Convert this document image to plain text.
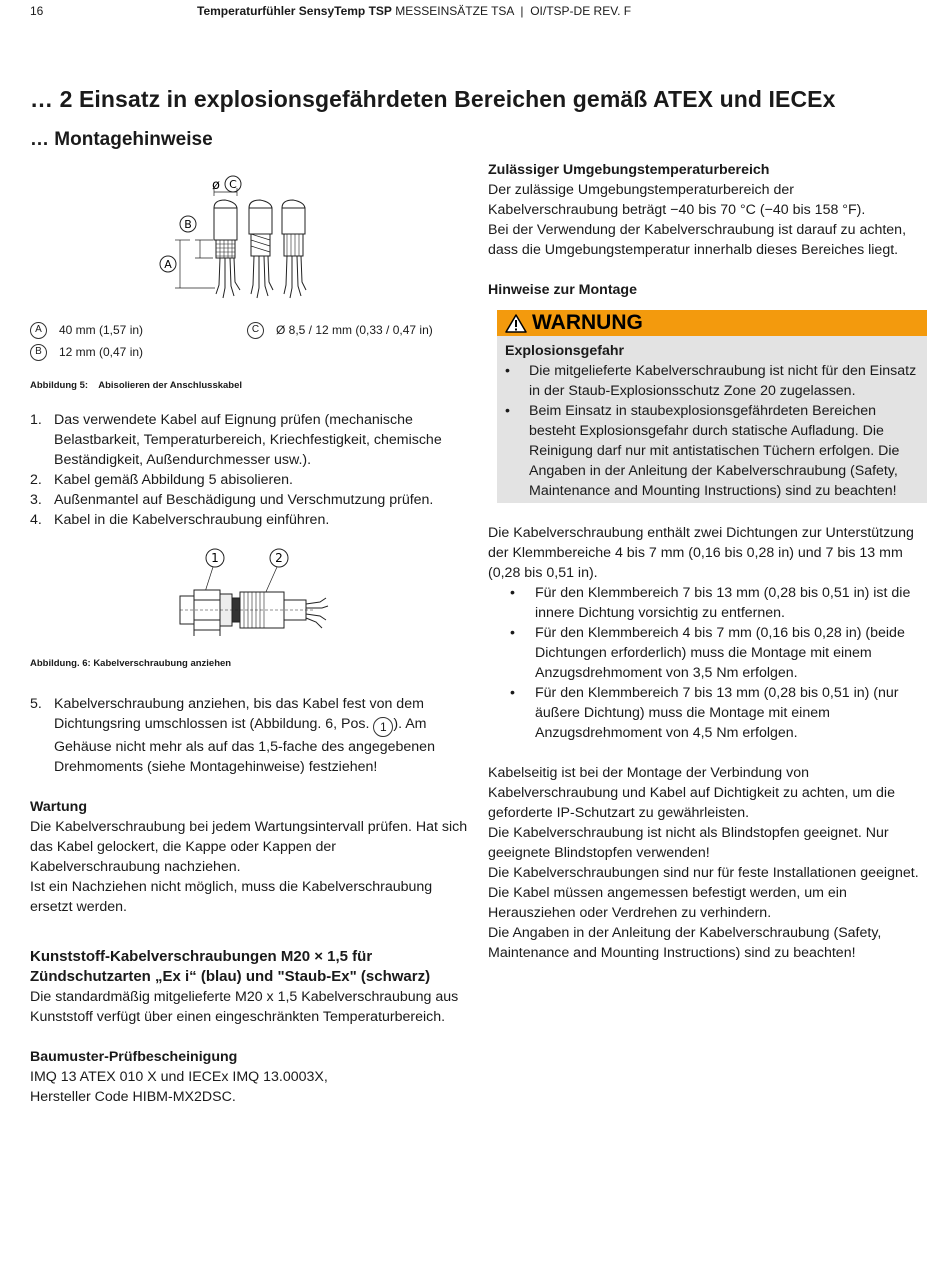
16	Temperaturfühler SensyTemp TSP MESSEINSÄTZE TSA  |  OI/TSP-DE REV. F
… 2 Einsatz in explosionsgefährdeten Bereichen gemäß ATEX und IECEx
… Montagehinweise
ø C
B
A
A	40 mm (1,57 in)	C	Ø 8,5 / 12 mm (0,33 / 0,47 in)
B	12 mm (0,47 in)
Abbildung 5:    Abisolieren der Anschlusskabel
1. Das verwendete Kabel auf Eignung prüfen (mechanische Belastbarkeit, Temperaturbereich, Kriechfestigkeit, chemische Beständigkeit, Außendurchmesser usw.).
2. Kabel gemäß Abbildung 5 abisolieren.
3. Außenmantel auf Beschädigung und Verschmutzung prüfen.
4. Kabel in die Kabelverschraubung einführen.
1	2
Abbildung. 6: Kabelverschraubung anziehen
5. Kabelverschraubung anziehen, bis das Kabel fest von dem Dichtungsring umschlossen ist (Abbildung. 6, Pos. 1 ). Am Gehäuse nicht mehr als auf das 1,5-fache des angegebenen Drehmoments (siehe Montagehinweise) festziehen!

Wartung

Die Kabelverschraubung bei jedem Wartungsintervall prüfen. Hat sich das Kabel gelockert, die Kappe oder Kappen der Kabelverschraubung nachziehen.

Ist ein Nachziehen nicht möglich, muss die Kabelverschraubung ersetzt werden.

Kunststoff-Kabelverschraubungen M20 × 1,5 für Zündschutzarten „Ex i“ (blau) und "Staub-Ex" (schwarz)

Die standardmäßig mitgelieferte M20 x 1,5 Kabelverschraubung aus Kunststoff verfügt über einen eingeschränkten Temperaturbereich.

Baumuster-Prüfbescheinigung

IMQ 13 ATEX 010 X und IECEx IMQ 13.0003X,

Hersteller Code HIBM-MX2DSC.

Zulässiger Umgebungstemperaturbereich

Der zulässige Umgebungstemperaturbereich der Kabelverschraubung beträgt −40 bis 70 °C (−40 bis 158 °F).

Bei der Verwendung der Kabelverschraubung ist darauf zu achten, dass die Umgebungstemperatur innerhalb dieses Bereiches liegt.

Hinweise zur Montage

WARNUNG

Explosionsgefahr

• Die mitgelieferte Kabelverschraubung ist nicht für den Einsatz in der Staub-Explosionsschutz Zone 20 zugelassen.
• Beim Einsatz in staubexplosionsgefährdeten Bereichen besteht Explosionsgefahr durch statische Aufladung. Die Reinigung darf nur mit antistatischen Tüchern erfolgen. Die Angaben in der Anleitung der Kabelverschraubung (Safety, Maintenance and Mounting Instructions) sind zu beachten!

Die Kabelverschraubung enthält zwei Dichtungen zur Unterstützung der Klemmbereiche 4 bis 7 mm (0,16 bis 0,28 in) und 7 bis 13 mm (0,28 bis 0,51 in).

• Für den Klemmbereich 7 bis 13 mm (0,28 bis 0,51 in) ist die innere Dichtung vorsichtig zu entfernen.
• Für den Klemmbereich 4 bis 7 mm (0,16 bis 0,28 in) (beide Dichtungen erforderlich) muss die Montage mit einem Anzugsdrehmoment von 3,5 Nm erfolgen.
• Für den Klemmbereich 7 bis 13 mm (0,28 bis 0,51 in) (nur äußere Dichtung) muss die Montage mit einem Anzugsdrehmoment von 4,5 Nm erfolgen.

Kabelseitig ist bei der Montage der Verbindung von Kabelverschraubung und Kabel auf Dichtigkeit zu achten, um die geforderte IP-Schutzart zu gewährleisten.

Die Kabelverschraubung ist nicht als Blindstopfen geeignet. Nur geeignete Blindstopfen verwenden!

Die Kabelverschraubungen sind nur für feste Installationen geeignet.

Die Kabel müssen angemessen befestigt werden, um ein Herausziehen oder Verdrehen zu verhindern.

Die Angaben in der Anleitung der Kabelverschraubung (Safety, Maintenance and Mounting Instructions) sind zu beachten!
